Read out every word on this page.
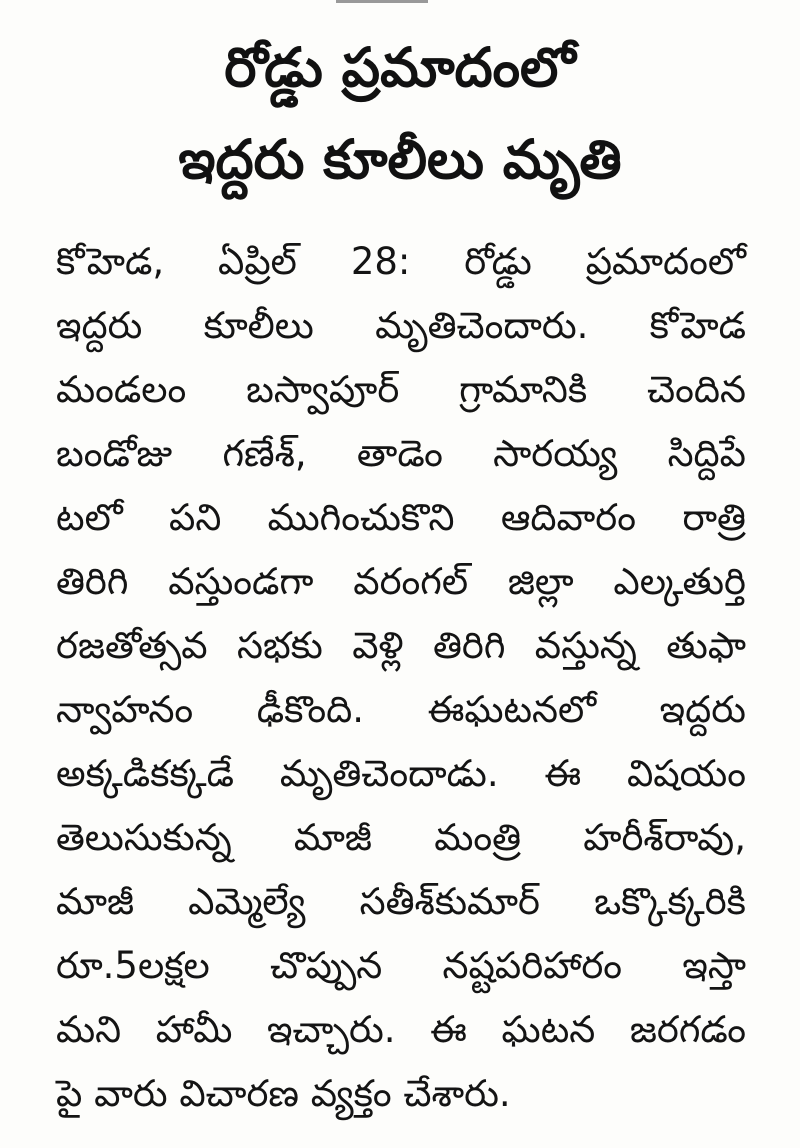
రోడ్డు ప్రమాదంలో
ఇద్దరు కూలీలు మృతి
కోహెడ, ఏప్రిల్ 28: రోడ్డు ప్రమాదంలో
ఇద్దరు కూలీలు మృతిచెందారు. కోహెడ
మండలం బస్వాపూర్ గ్రామానికి చెందిన
బండోజు గణేశ్, తాడెం సారయ్య సిద్దిపే
టలో పని ముగించుకొని ఆదివారం రాత్రి
తిరిగి వస్తుండగా వరంగల్ జిల్లా ఎల్కతుర్తి
రజతోత్సవ సభకు వెళ్లి తిరిగి వస్తున్న తుఫా
న్వాహనం ఢీకొంది. ఈఘటనలో ఇద్దరు
అక్కడికక్కడే మృతిచెందాడు. ఈ విషయం
తెలుసుకున్న మాజీ మంత్రి హరీశ్‌రావు,
మాజీ ఎమ్మెల్యే సతీశ్‌కుమార్ ఒక్కొక్కరికి
రూ.5లక్షల చొప్పున నష్టపరిహారం ఇస్తా
మని హామీ ఇచ్చారు. ఈ ఘటన జరగడం
పై వారు విచారణ వ్యక్తం చేశారు.
